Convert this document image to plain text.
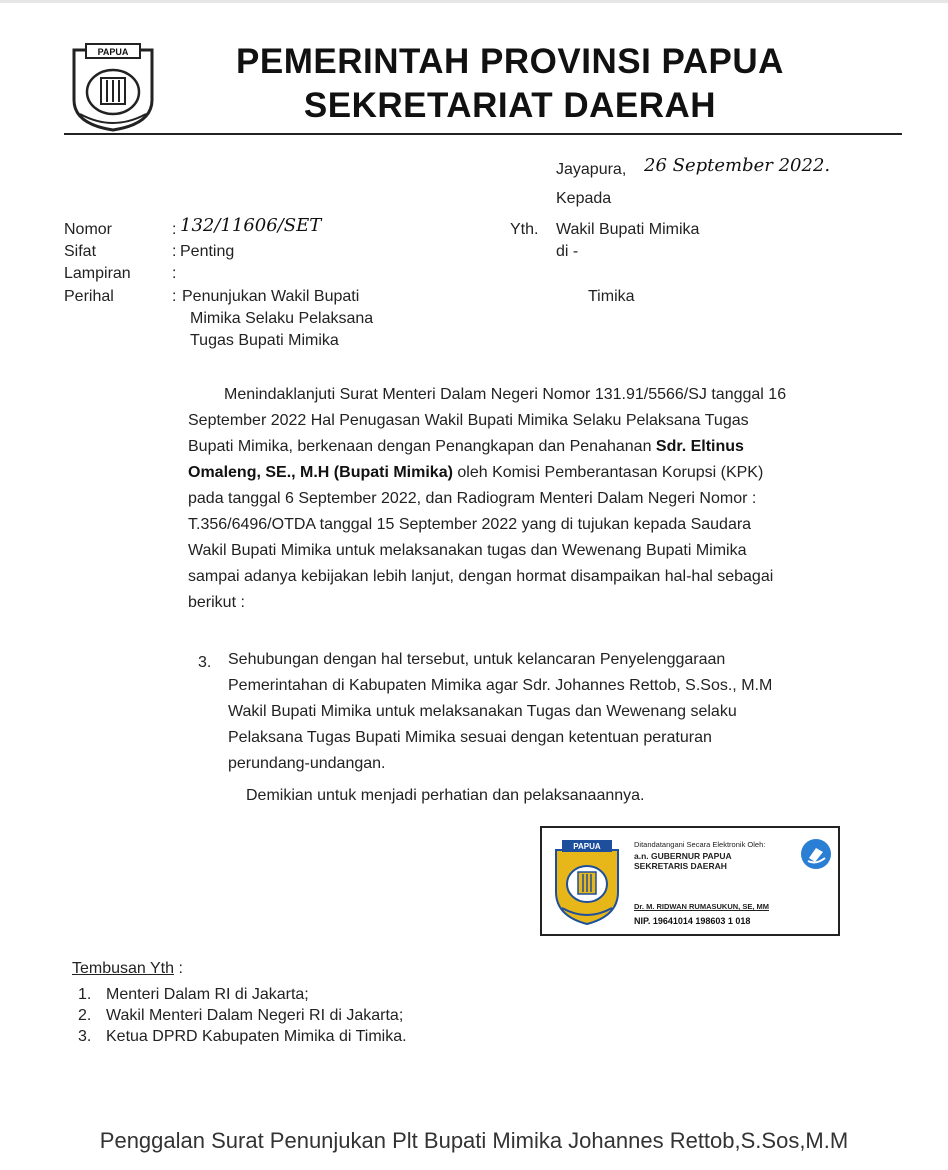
PAPUA	PEMERINTAH PROVINSI PAPUA
SEKRETARIAT DAERAH
Jayapura, 26 September 2022.
Kepada
Yth. Wakil Bupati Mimika
di -
Timika
Nomor	: 132/11606/SET
Sifat	: Penting
Lampiran	:
Perihal	: Penunjukan Wakil Bupati
Mimika Selaku Pelaksana
Tugas Bupati Mimika
Menindaklanjuti Surat Menteri Dalam Negeri Nomor 131.91/5566/SJ tanggal 16
September 2022 Hal Penugasan Wakil Bupati Mimika Selaku Pelaksana Tugas
Bupati Mimika, berkenaan dengan Penangkapan dan Penahanan Sdr. Eltinus
Omaleng, SE., M.H (Bupati Mimika) oleh Komisi Pemberantasan Korupsi (KPK)
pada tanggal 6 September 2022, dan Radiogram Menteri Dalam Negeri Nomor :
T.356/6496/OTDA tanggal 15 September 2022 yang di tujukan kepada Saudara
Wakil Bupati Mimika untuk melaksanakan tugas dan Wewenang Bupati Mimika
sampai adanya kebijakan lebih lanjut, dengan hormat disampaikan hal-hal sebagai
berikut :
3. Sehubungan dengan hal tersebut, untuk kelancaran Penyelenggaraan
Pemerintahan di Kabupaten Mimika agar Sdr. Johannes Rettob, S.Sos., M.M
Wakil Bupati Mimika untuk melaksanakan Tugas dan Wewenang selaku
Pelaksana Tugas Bupati Mimika sesuai dengan ketentuan peraturan
perundang-undangan.
Demikian untuk menjadi perhatian dan pelaksanaannya.
PAPUA	Ditandatangani Secara Elektronik Oleh:
a.n. GUBERNUR PAPUA
SEKRETARIS DAERAH
Dr. M. RIDWAN RUMASUKUN, SE, MM
NIP. 19641014 198603 1 018
Tembusan Yth :
1. Menteri Dalam RI di Jakarta;
2. Wakil Menteri Dalam Negeri RI di Jakarta;
3. Ketua DPRD Kabupaten Mimika di Timika.
Penggalan Surat Penunjukan Plt Bupati Mimika Johannes Rettob,S.Sos,M.M
